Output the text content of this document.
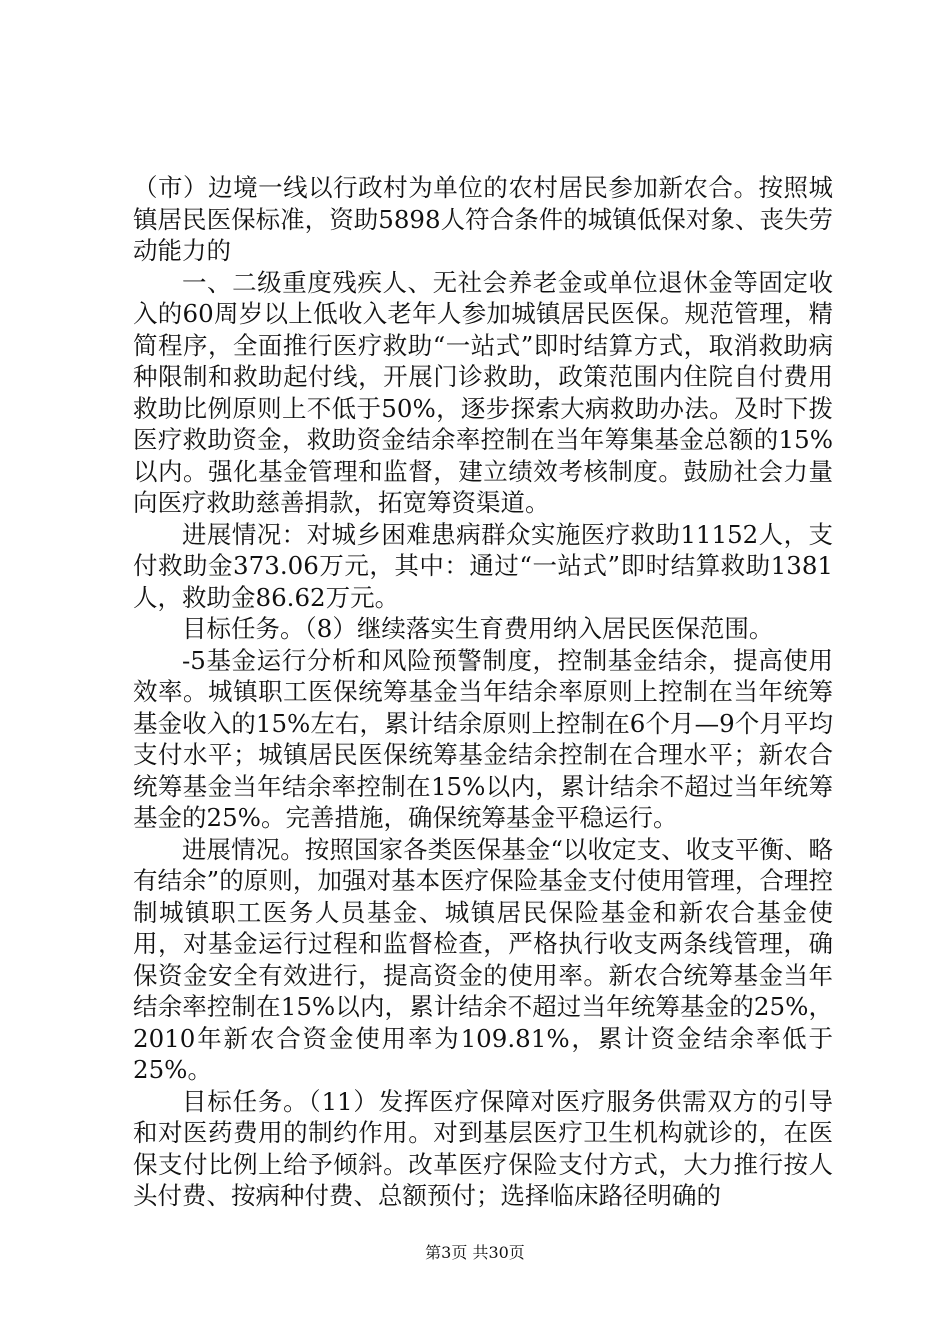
（市）边境一线以行政村为单位的农村居民参加新农合。按照城镇居民医保标准，资助5898人符合条件的城镇低保对象、丧失劳动能力的

一、二级重度残疾人、无社会养老金或单位退休金等固定收入的60周岁以上低收入老年人参加城镇居民医保。规范管理，精简程序，全面推行医疗救助“一站式”即时结算方式，取消救助病种限制和救助起付线，开展门诊救助，政策范围内住院自付费用救助比例原则上不低于50%，逐步探索大病救助办法。及时下拨医疗救助资金，救助资金结余率控制在当年筹集基金总额的15%以内。强化基金管理和监督，建立绩效考核制度。鼓励社会力量向医疗救助慈善捐款，拓宽筹资渠道。

进展情况：对城乡困难患病群众实施医疗救助11152人，支付救助金373.06万元，其中：通过“一站式”即时结算救助1381人，救助金86.62万元。

目标任务。（8）继续落实生育费用纳入居民医保范围。

-5基金运行分析和风险预警制度，控制基金结余，提高使用效率。城镇职工医保统筹基金当年结余率原则上控制在当年统筹基金收入的15%左右，累计结余原则上控制在6个月—9个月平均支付水平；城镇居民医保统筹基金结余控制在合理水平；新农合统筹基金当年结余率控制在15%以内，累计结余不超过当年统筹基金的25%。完善措施，确保统筹基金平稳运行。

进展情况。按照国家各类医保基金“以收定支、收支平衡、略有结余”的原则，加强对基本医疗保险基金支付使用管理，合理控制城镇职工医务人员基金、城镇居民保险基金和新农合基金使用，对基金运行过程和监督检查，严格执行收支两条线管理，确保资金安全有效进行，提高资金的使用率。新农合统筹基金当年结余率控制在15%以内，累计结余不超过当年统筹基金的25%，2010年新农合资金使用率为109.81%，累计资金结余率低于25%。

目标任务。（11）发挥医疗保障对医疗服务供需双方的引导和对医药费用的制约作用。对到基层医疗卫生机构就诊的，在医保支付比例上给予倾斜。改革医疗保险支付方式，大力推行按人头付费、按病种付费、总额预付；选择临床路径明确的

第3页 共30页
